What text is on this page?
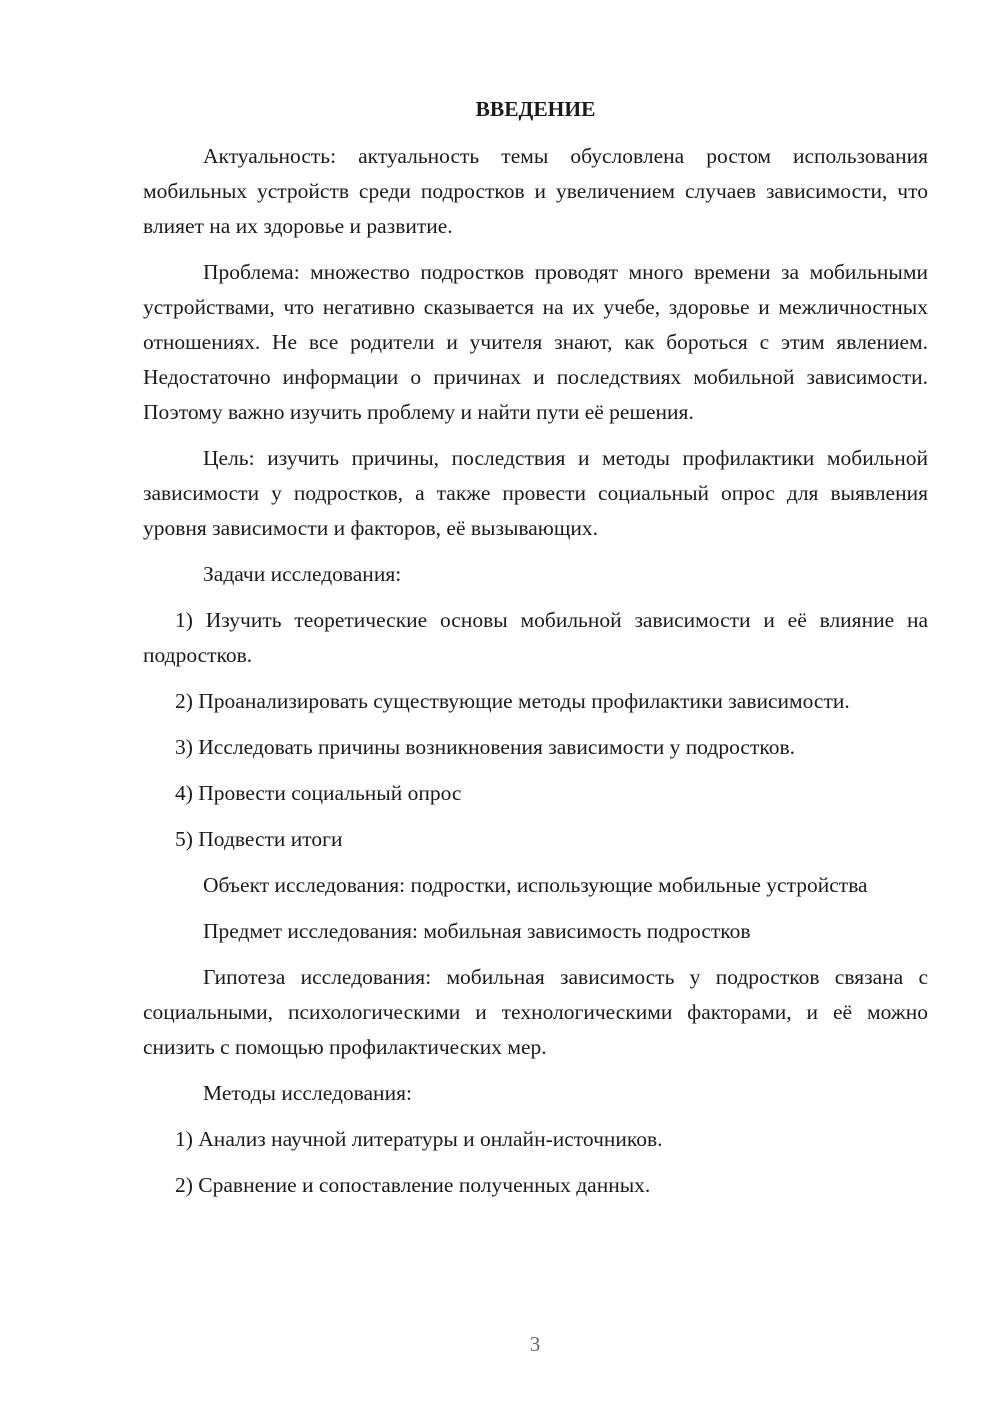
ВВЕДЕНИЕ

Актуальность: актуальность темы обусловлена ростом использования мобильных устройств среди подростков и увеличением случаев зависимости, что влияет на их здоровье и развитие.

Проблема: множество подростков проводят много времени за мобильными устройствами, что негативно сказывается на их учебе, здоровье и межличностных отношениях. Не все родители и учителя знают, как бороться с этим явлением. Недостаточно информации о причинах и последствиях мобильной зависимости. Поэтому важно изучить проблему и найти пути её решения.

Цель: изучить причины, последствия и методы профилактики мобильной зависимости у подростков, а также провести социальный опрос для выявления уровня зависимости и факторов, её вызывающих.

Задачи исследования:

1) Изучить теоретические основы мобильной зависимости и её влияние на подростков.

2) Проанализировать существующие методы профилактики зависимости.

3) Исследовать причины возникновения зависимости у подростков.

4) Провести социальный опрос

5) Подвести итоги

Объект исследования: подростки, использующие мобильные устройства

Предмет исследования: мобильная зависимость подростков

Гипотеза исследования: мобильная зависимость у подростков связана с социальными, психологическими и технологическими факторами, и её можно снизить с помощью профилактических мер.

Методы исследования:

1) Анализ научной литературы и онлайн-источников.

2) Сравнение и сопоставление полученных данных.

3
